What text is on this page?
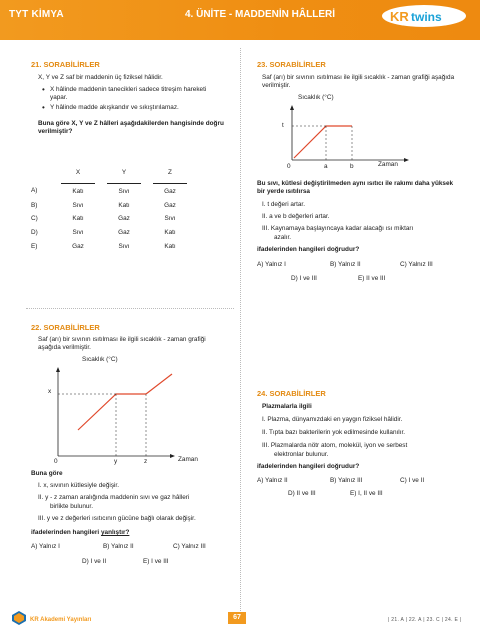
TYT KİMYA	4. ÜNİTE - MADDENİN HÂLLERİ	KR twins
21. SORABİLİRLER
X, Y ve Z saf bir maddenin üç fiziksel hâlidir.
• X hâlinde maddenin tanecikleri sadece titreşim hareketi yapar.
• Y hâlinde madde akışkandır ve sıkıştırılamaz.
Buna göre X, Y ve Z hâlleri aşağıdakilerden hangisinde doğru verilmiştir?
	X		Y		Z
A)	Katı		Sıvı		Gaz
B)	Sıvı		Katı		Gaz
C)	Katı		Gaz		Sıvı
D)	Sıvı		Gaz		Katı
E)	Gaz		Sıvı		Katı
22. SORABİLİRLER
Saf (arı) bir sıvının ısıtılması ile ilgili sıcaklık - zaman grafiği aşağıda verilmiştir.
Sıcaklık (°C)
x
0	y	z	Zaman
Buna göre
I. x, sıvının kütlesiyle değişir.
II. y - z zaman aralığında maddenin sıvı ve gaz hâlleri
birlikte bulunur.
III. y ve z değerleri ısıtıcının gücüne bağlı olarak değişir.
ifadelerinden hangileri yanlıştır?
A) Yalnız I	B) Yalnız II	C) Yalnız III
D) I ve II	E) I ve III
23. SORABİLİRLER
Saf (arı) bir sıvının ısıtılması ile ilgili sıcaklık - zaman grafiği aşağıda verilmiştir.
Sıcaklık (°C)
t
0	a	b	Zaman
Bu sıvı, kütlesi değiştirilmeden aynı ısıtıcı ile rakımı daha yüksek bir yerde ısıtılırsa
I. t değeri artar.
II. a ve b değerleri artar.
III. Kaynamaya başlayıncaya kadar alacağı ısı miktarı
azalır.
ifadelerinden hangileri doğrudur?
A) Yalnız I	B) Yalnız II	C) Yalnız III
D) I ve III	E) II ve III
24. SORABİLİRLER
Plazmalarla ilgili
I. Plazma, dünyamızdaki en yaygın fiziksel hâlidir.
II. Tıpta bazı bakterilerin yok edilmesinde kullanılır.
III. Plazmalarda nötr atom, molekül, iyon ve serbest
elektronlar bulunur.
ifadelerinden hangileri doğrudur?
A) Yalnız II	B) Yalnız III	C) I ve II
D) II ve III	E) I, II ve III
KR Akademi Yayınları	67	| 21. A | 22. A | 23. C | 24. E |
